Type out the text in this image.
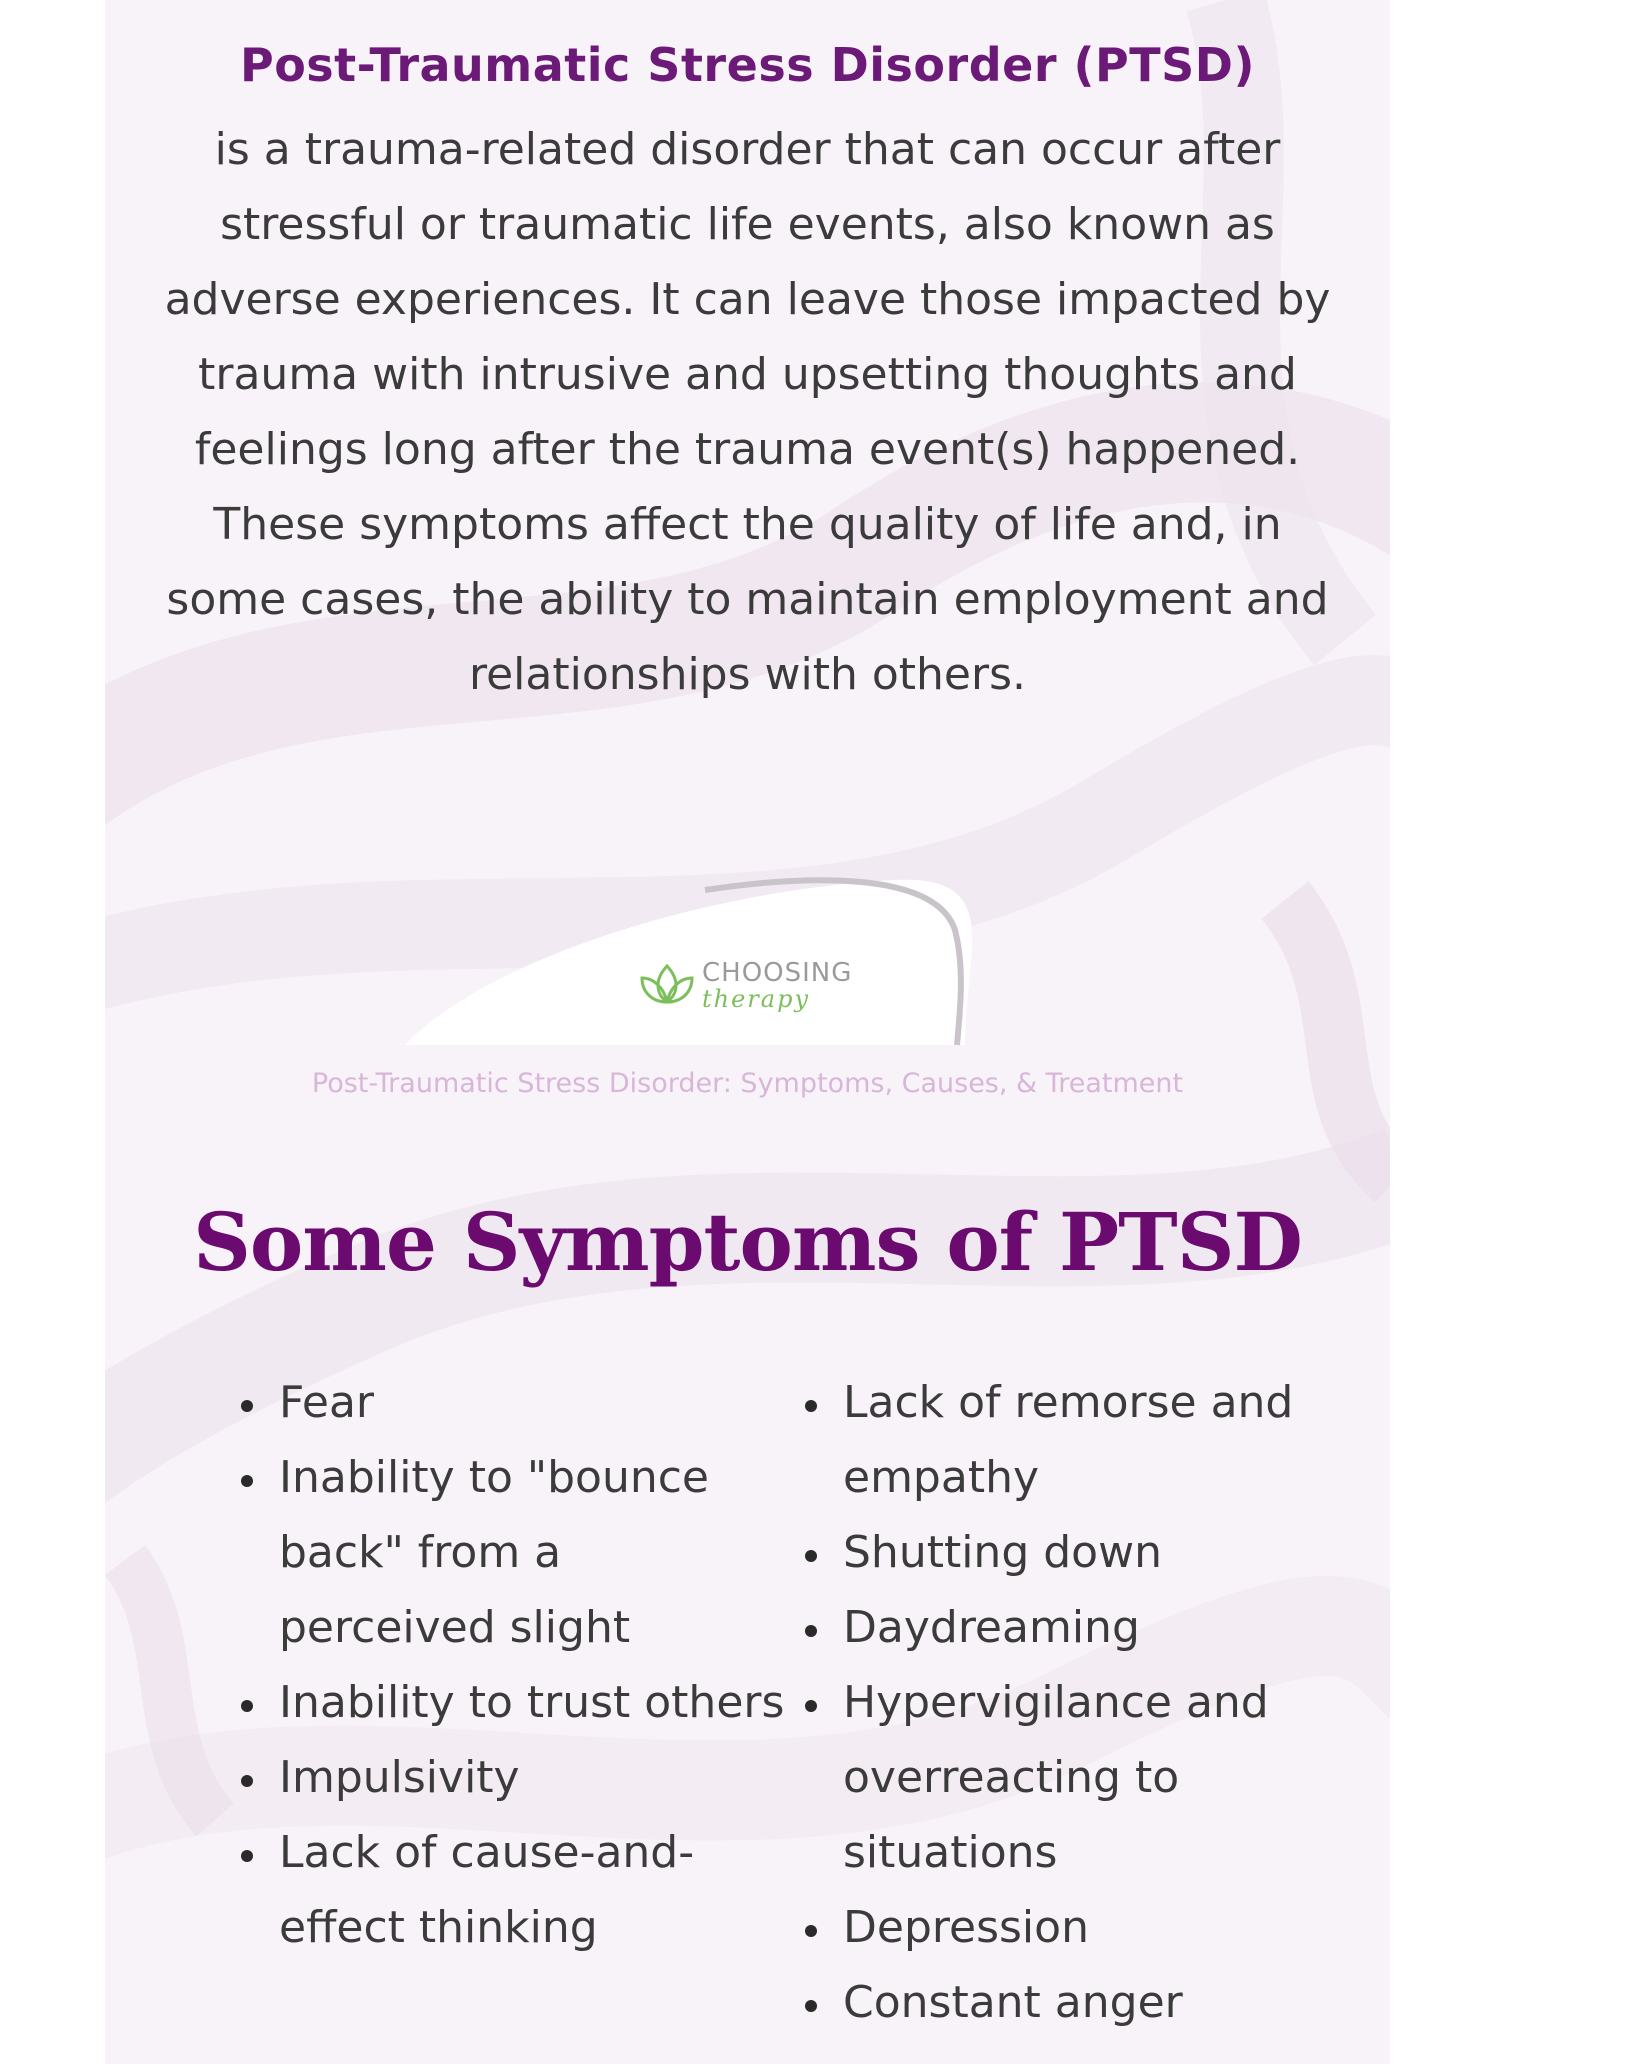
Post-Traumatic Stress Disorder (PTSD)

is a trauma-related disorder that can occur after stressful or traumatic life events, also known as adverse experiences. It can leave those impacted by trauma with intrusive and upsetting thoughts and feelings long after the trauma event(s) happened. These symptoms affect the quality of life and, in some cases, the ability to maintain employment and relationships with others.

CHOOSING
therapy
Post-Traumatic Stress Disorder: Symptoms, Causes, & Treatment
Some Symptoms of PTSD
• Fear
• Inability to "bounce back" from a perceived slight
• Inability to trust others
• Impulsivity
• Lack of cause-and-effect thinking
• Lack of remorse and empathy
• Shutting down
• Daydreaming
• Hypervigilance and overreacting to situations
• Depression
• Constant anger
